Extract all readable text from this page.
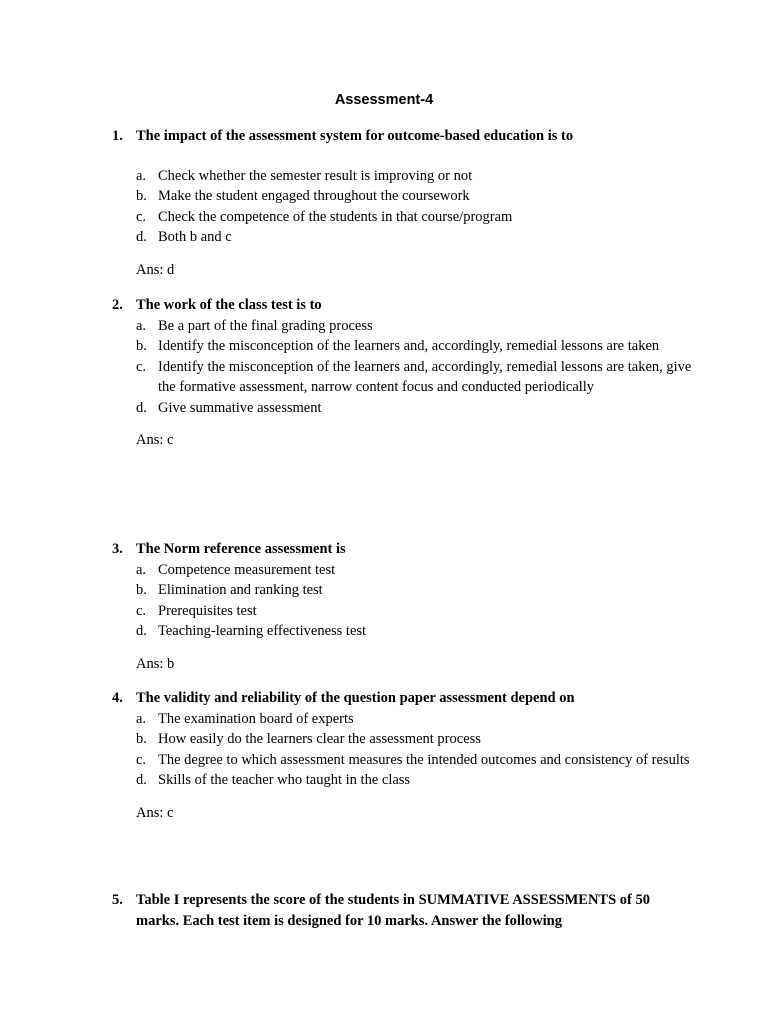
Assessment-4
1. The impact of the assessment system for outcome-based education is to
a. Check whether the semester result is improving or not
b. Make the student engaged throughout the coursework
c. Check the competence of the students in that course/program
d. Both b and c
Ans: d
2. The work of the class test is to
a. Be a part of the final grading process
b. Identify the misconception of the learners and, accordingly, remedial lessons are taken
c. Identify the misconception of the learners and, accordingly, remedial lessons are taken, give the formative assessment, narrow content focus and conducted periodically
d. Give summative assessment
Ans: c
3. The Norm reference assessment is
a. Competence measurement test
b. Elimination and ranking test
c. Prerequisites test
d. Teaching-learning effectiveness test
Ans: b
4. The validity and reliability of the question paper assessment depend on
a. The examination board of experts
b. How easily do the learners clear the assessment process
c. The degree to which assessment measures the intended outcomes and consistency of results
d. Skills of the teacher who taught in the class
Ans: c
5. Table I represents the score of the students in SUMMATIVE ASSESSMENTS of 50 marks. Each test item is designed for 10 marks. Answer the following
